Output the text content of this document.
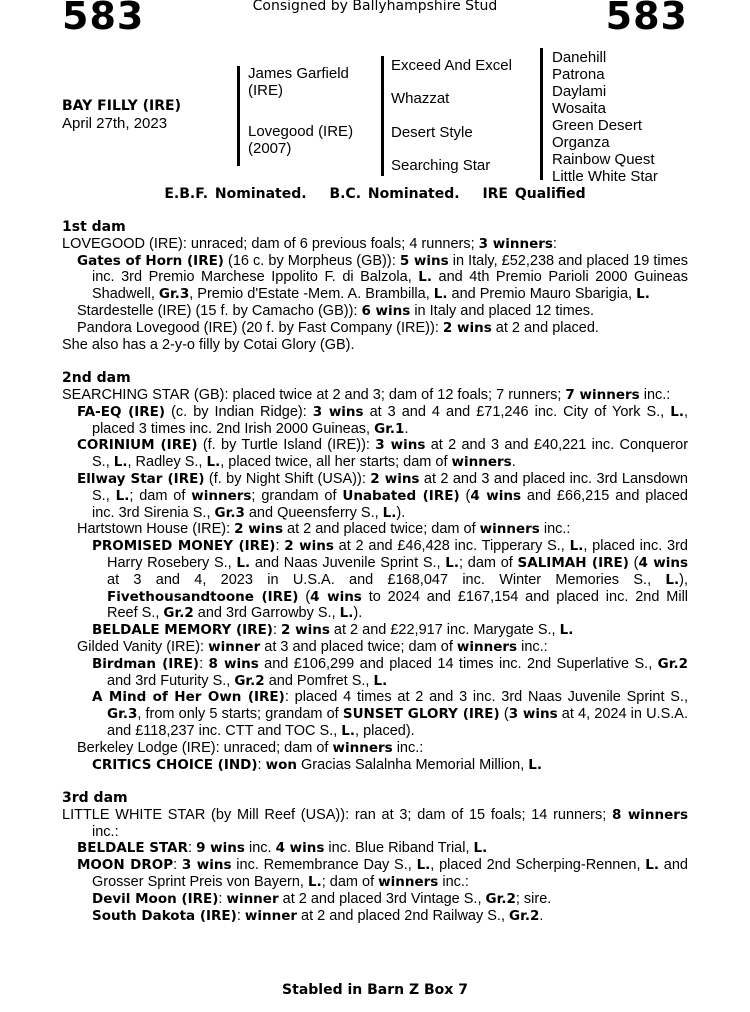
583	Consigned by Ballyhampshire Stud	583
BAY FILLY (IRE)
April 27th, 2023
James Garfield
(IRE)
Lovegood (IRE)
(2007)
Exceed And Excel
Whazzat
Desert Style
Searching Star
Danehill
Patrona
Daylami
Wosaita
Green Desert
Organza
Rainbow Quest
Little White Star
E.B.F. Nominated. B.C. Nominated. IRE Qualified
1st dam

LOVEGOOD (IRE): unraced; dam of 6 previous foals; 4 runners; 3 winners:

Gates of Horn (IRE) (16 c. by Morpheus (GB)): 5 wins in Italy, £52,238 and placed 19 times inc. 3rd Premio Marchese Ippolito F. di Balzola, L. and 4th Premio Parioli 2000 Guineas Shadwell, Gr.3, Premio d'Estate -Mem. A. Brambilla, L. and Premio Mauro Sbarigia, L.

Stardestelle (IRE) (15 f. by Camacho (GB)): 6 wins in Italy and placed 12 times.

Pandora Lovegood (IRE) (20 f. by Fast Company (IRE)): 2 wins at 2 and placed.

She also has a 2-y-o filly by Cotai Glory (GB).

2nd dam

SEARCHING STAR (GB): placed twice at 2 and 3; dam of 12 foals; 7 runners; 7 winners inc.:

FA-EQ (IRE) (c. by Indian Ridge): 3 wins at 3 and 4 and £71,246 inc. City of York S., L., placed 3 times inc. 2nd Irish 2000 Guineas, Gr.1.

CORINIUM (IRE) (f. by Turtle Island (IRE)): 3 wins at 2 and 3 and £40,221 inc. Conqueror S., L., Radley S., L., placed twice, all her starts; dam of winners.

Ellway Star (IRE) (f. by Night Shift (USA)): 2 wins at 2 and 3 and placed inc. 3rd Lansdown S., L.; dam of winners; grandam of Unabated (IRE) (4 wins and £66,215 and placed inc. 3rd Sirenia S., Gr.3 and Queensferry S., L.).

Hartstown House (IRE): 2 wins at 2 and placed twice; dam of winners inc.:

PROMISED MONEY (IRE): 2 wins at 2 and £46,428 inc. Tipperary S., L., placed inc. 3rd Harry Rosebery S., L. and Naas Juvenile Sprint S., L.; dam of SALIMAH (IRE) (4 wins at 3 and 4, 2023 in U.S.A. and £168,047 inc. Winter Memories S., L.), Fivethousandtoone (IRE) (4 wins to 2024 and £167,154 and placed inc. 2nd Mill Reef S., Gr.2 and 3rd Garrowby S., L.).

BELDALE MEMORY (IRE): 2 wins at 2 and £22,917 inc. Marygate S., L.

Gilded Vanity (IRE): winner at 3 and placed twice; dam of winners inc.:

Birdman (IRE): 8 wins and £106,299 and placed 14 times inc. 2nd Superlative S., Gr.2 and 3rd Futurity S., Gr.2 and Pomfret S., L.

A Mind of Her Own (IRE): placed 4 times at 2 and 3 inc. 3rd Naas Juvenile Sprint S., Gr.3, from only 5 starts; grandam of SUNSET GLORY (IRE) (3 wins at 4, 2024 in U.S.A. and £118,237 inc. CTT and TOC S., L., placed).

Berkeley Lodge (IRE): unraced; dam of winners inc.:

CRITICS CHOICE (IND): won Gracias Salalnha Memorial Million, L.

3rd dam

LITTLE WHITE STAR (by Mill Reef (USA)): ran at 3; dam of 15 foals; 14 runners; 8 winners inc.:

BELDALE STAR: 9 wins inc. 4 wins inc. Blue Riband Trial, L.

MOON DROP: 3 wins inc. Remembrance Day S., L., placed 2nd Scherping-Rennen, L. and Grosser Sprint Preis von Bayern, L.; dam of winners inc.:

Devil Moon (IRE): winner at 2 and placed 3rd Vintage S., Gr.2; sire.

South Dakota (IRE): winner at 2 and placed 2nd Railway S., Gr.2.

Stabled in Barn Z Box 7
